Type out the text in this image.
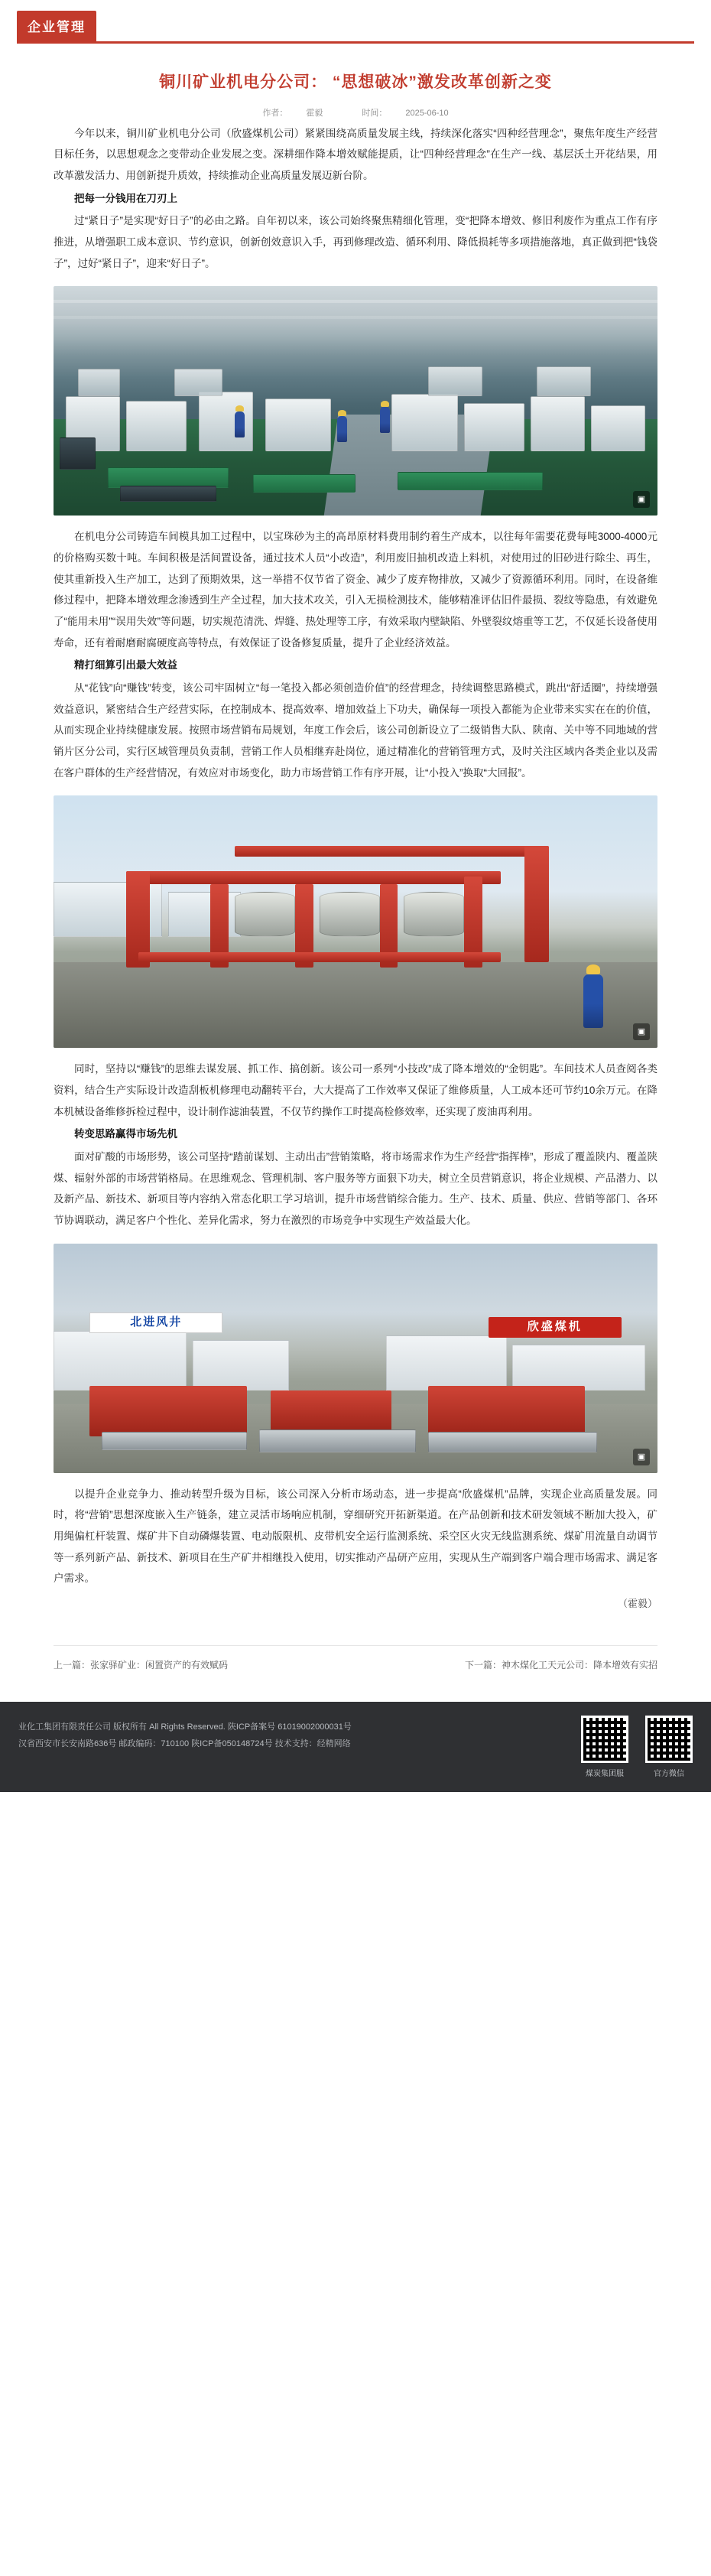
企业管理
铜川矿业机电分公司： “思想破冰”激发改革创新之变
作者： 霍毅	时间： 2025-06-10

今年以来，铜川矿业机电分公司（欣盛煤机公司）紧紧围绕高质量发展主线，持续深化落实“四种经营理念”，聚焦年度生产经营目标任务，以思想观念之变带动企业发展之变。深耕细作降本增效赋能提质，让“四种经营理念”在生产一线、基层沃土开花结果，用改革激发活力、用创新提升质效，持续推动企业高质量发展迈新台阶。

把每一分钱用在刀刃上

过“紧日子”是实现“好日子”的必由之路。自年初以来，该公司始终聚焦精细化管理，变“把降本增效、修旧利废作为重点工作有序推进，从增强职工成本意识、节约意识，创新创效意识入手，再到修理改造、循环利用、降低损耗等多项措施落地，真正做到把“钱袋子”，过好“紧日子”，迎来“好日子”。

▣

在机电分公司铸造车间模具加工过程中，以宝珠砂为主的高昂原材料费用制约着生产成本，以往每年需要花费每吨3000-4000元的价格购买数十吨。车间积极是活间置设备，通过技术人员“小改造”，利用废旧抽机改造上料机，对使用过的旧砂进行除尘、再生，使其重新投入生产加工，达到了预期效果，这一举措不仅节省了资金、减少了废弃物排放，又减少了资源循环利用。同时，在设备维修过程中，把降本增效理念渗透到生产全过程，加大技术攻关，引入无损检测技术，能够精准评估旧件最损、裂纹等隐患，有效避免了“能用未用”“误用失效”等问题，切实规范清洗、焊缝、热处理等工序，有效采取内壁缺陷、外壁裂纹熔重等工艺，不仅延长设备使用寿命，还有着耐磨耐腐硬度高等特点，有效保证了设备修复质量，提升了企业经济效益。

精打细算引出最大效益

从“花钱”向“赚钱”转变，该公司牢固树立“每一笔投入都必须创造价值”的经营理念，持续调整思路模式，跳出“舒适圈”，持续增强效益意识，紧密结合生产经营实际，在控制成本、提高效率、增加效益上下功夫，确保每一项投入都能为企业带来实实在在的价值，从而实现企业持续健康发展。按照市场营销布局规划，年度工作会后，该公司创新设立了二级销售大队、陕南、关中等不同地域的营销片区分公司，实行区域管理员负责制，营销工作人员相继弃赴岗位，通过精准化的营销管理方式，及时关注区域内各类企业以及需在客户群体的生产经营情况，有效应对市场变化，助力市场营销工作有序开展，让“小投入”换取“大回报”。

▣

同时，坚持以“赚钱”的思维去谋发展、抓工作、搞创新。该公司一系列“小技改”成了降本增效的“金钥匙”。车间技术人员查阅各类资料，结合生产实际设计改造刮板机修理电动翻转平台，大大提高了工作效率又保证了维修质量，人工成本还可节约10余万元。在降本机械设备维修拆检过程中，设计制作滤油装置，不仅节约操作工时提高检修效率，还实现了废油再利用。

转变思路赢得市场先机

面对矿酸的市场形势，该公司坚持“踏前谋划、主动出击”营销策略，将市场需求作为生产经营“指挥棒”，形成了覆盖陕内、覆盖陕煤、辐射外部的市场营销格局。在思维观念、管理机制、客户服务等方面狠下功夫，树立全员营销意识，将企业规模、产品潜力、以及新产品、新技术、新项目等内容纳入常态化职工学习培训，提升市场营销综合能力。生产、技术、质量、供应、营销等部门、各环节协调联动，满足客户个性化、差异化需求，努力在激烈的市场竞争中实现生产效益最大化。

北进风井	欣盛煤机
▣

以提升企业竞争力、推动转型升级为目标，该公司深入分析市场动态，进一步提高“欣盛煤机”品牌，实现企业高质量发展。同时，将“营销”思想深度嵌入生产链条，建立灵活市场响应机制，穿细研究开拓新渠道。在产品创新和技术研发领域不断加大投入，矿用绳偏杠杆装置、煤矿井下自动磷爆装置、电动版限机、皮带机安全运行监测系统、采空区火灾无线监测系统、煤矿用流量自动调节等一系列新产品、新技术、新项目在生产矿井相继投入使用，切实推动产品研产应用，实现从生产端到客户端合理市场需求、满足客户需求。

（霍毅）
上一篇：张家驿矿业：闲置资产的有效赋码	下一篇：神木煤化工天元公司：降本增效有实招
业化工集团有限责任公司 版权所有 All Rights Reserved. 陕ICP备案号 61019002000031号
汉省西安市长安南路636号 邮政编码：710100 陕ICP备050148724号 技术支持：经精网络
煤炭集团服	官方微信
